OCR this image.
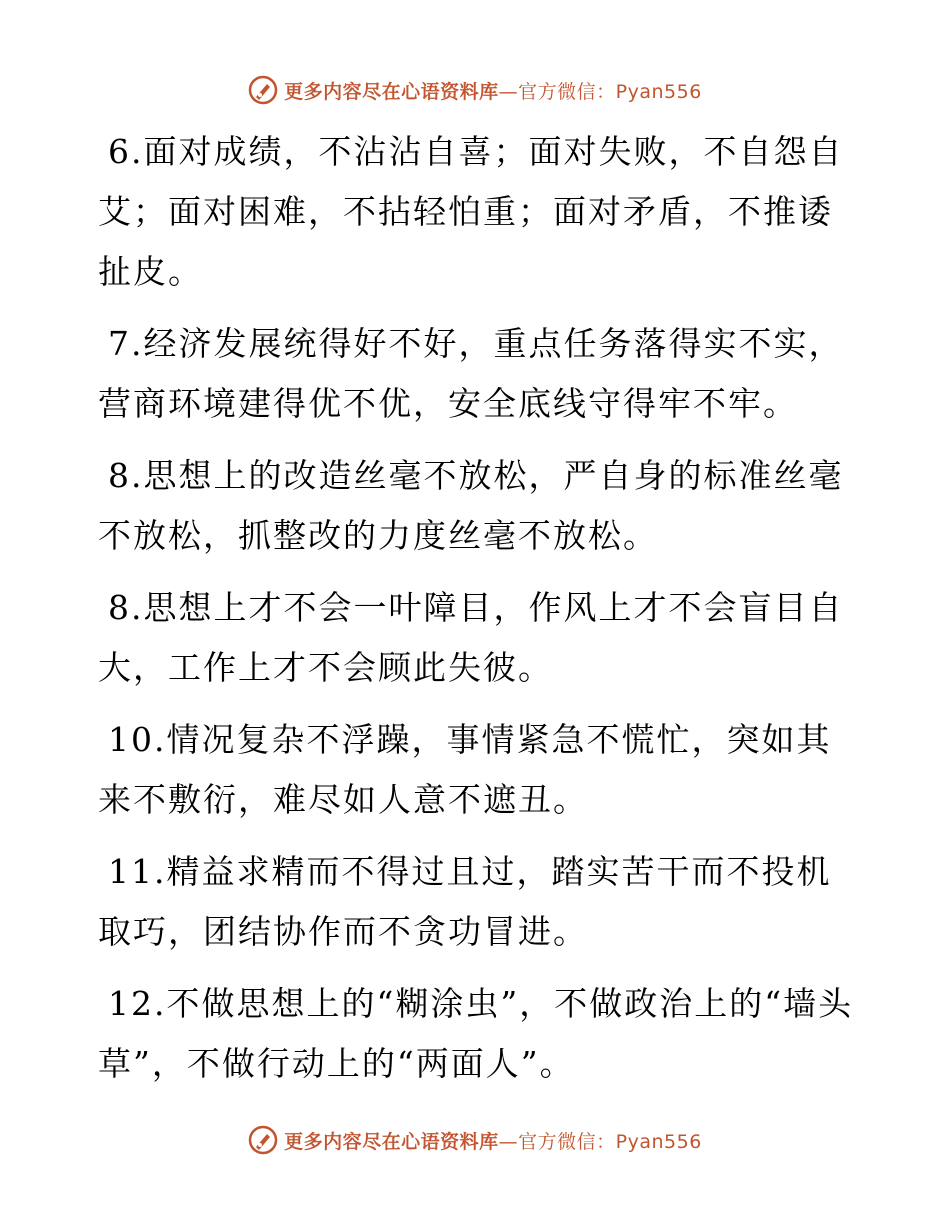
更多内容尽在心语资料库—官方微信：Pyan556

6.面对成绩，不沾沾自喜；面对失败，不自怨自艾；面对困难，不拈轻怕重；面对矛盾，不推诿扯皮。

7.经济发展统得好不好，重点任务落得实不实，营商环境建得优不优，安全底线守得牢不牢。

8.思想上的改造丝毫不放松，严自身的标准丝毫不放松，抓整改的力度丝毫不放松。

8.思想上才不会一叶障目，作风上才不会盲目自大，工作上才不会顾此失彼。

10.情况复杂不浮躁，事情紧急不慌忙，突如其来不敷衍，难尽如人意不遮丑。

11.精益求精而不得过且过，踏实苦干而不投机取巧，团结协作而不贪功冒进。

12.不做思想上的“糊涂虫”，不做政治上的“墙头草”，不做行动上的“两面人”。

更多内容尽在心语资料库—官方微信：Pyan556
